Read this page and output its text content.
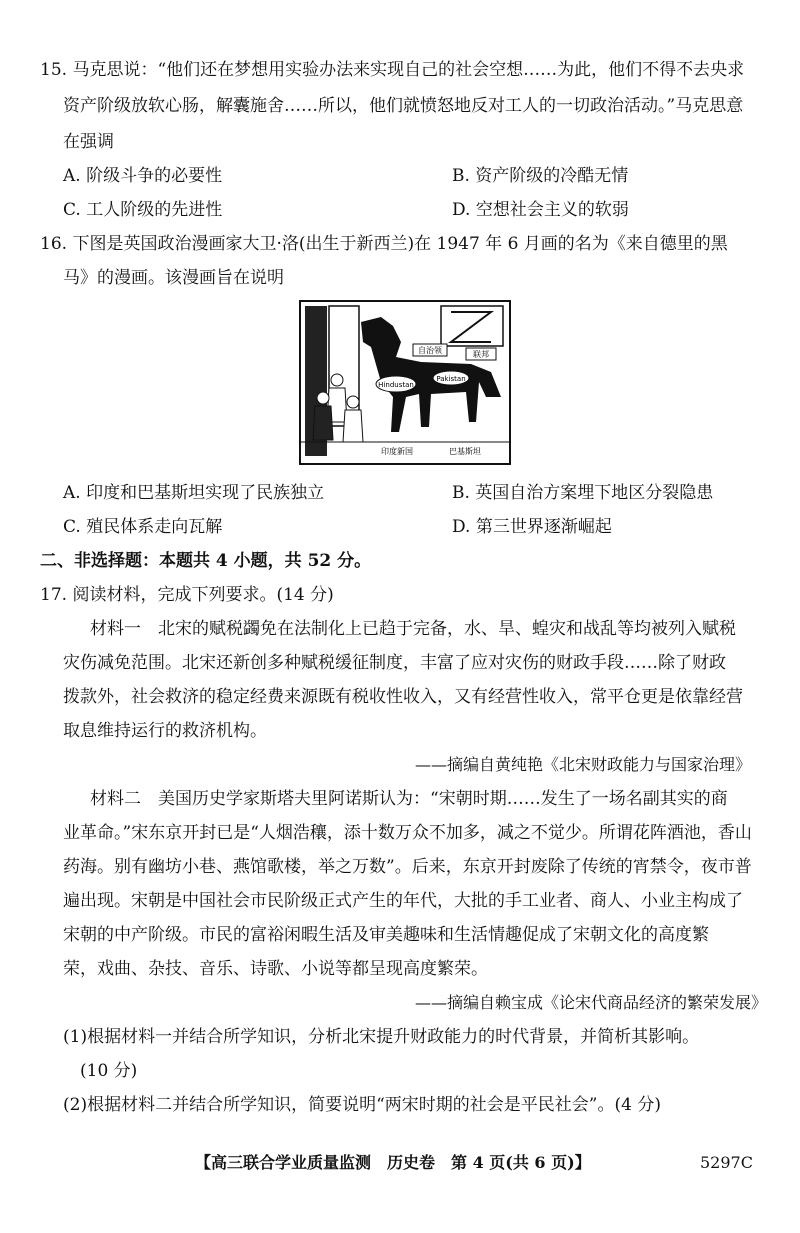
15. 马克思说：“他们还在梦想用实验办法来实现自己的社会空想……为此，他们不得不去央求
资产阶级放软心肠，解囊施舍……所以，他们就愤怒地反对工人的一切政治活动。”马克思意
在强调
A. 阶级斗争的必要性	B. 资产阶级的冷酷无情
C. 工人阶级的先进性	D. 空想社会主义的软弱
16. 下图是英国政治漫画家大卫·洛(出生于新西兰)在 1947 年 6 月画的名为《来自德里的黑
马》的漫画。该漫画旨在说明
Hindustan
Pakistan
自治领	联邦
印度新国	巴基斯坦
A. 印度和巴基斯坦实现了民族独立	B. 英国自治方案埋下地区分裂隐患
C. 殖民体系走向瓦解	D. 第三世界逐渐崛起
二、非选择题：本题共 4 小题，共 52 分。
17. 阅读材料，完成下列要求。(14 分)
材料一　北宋的赋税蠲免在法制化上已趋于完备，水、旱、蝗灾和战乱等均被列入赋税
灾伤减免范围。北宋还新创多种赋税缓征制度，丰富了应对灾伤的财政手段……除了财政
拨款外，社会救济的稳定经费来源既有税收性收入，又有经营性收入，常平仓更是依靠经营
取息维持运行的救济机构。
——摘编自黄纯艳《北宋财政能力与国家治理》
材料二　美国历史学家斯塔夫里阿诺斯认为：“宋朝时期……发生了一场名副其实的商
业革命。”宋东京开封已是“人烟浩穰，添十数万众不加多，减之不觉少。所谓花阵酒池，香山
药海。别有幽坊小巷、燕馆歌楼，举之万数”。后来，东京开封废除了传统的宵禁令，夜市普
遍出现。宋朝是中国社会市民阶级正式产生的年代，大批的手工业者、商人、小业主构成了
宋朝的中产阶级。市民的富裕闲暇生活及审美趣味和生活情趣促成了宋朝文化的高度繁
荣，戏曲、杂技、音乐、诗歌、小说等都呈现高度繁荣。
——摘编自赖宝成《论宋代商品经济的繁荣发展》
(1)根据材料一并结合所学知识，分析北宋提升财政能力的时代背景，并简析其影响。
(10 分)
(2)根据材料二并结合所学知识，简要说明“两宋时期的社会是平民社会”。(4 分)
【高三联合学业质量监测　历史卷　第 4 页(共 6 页)】	5297C
